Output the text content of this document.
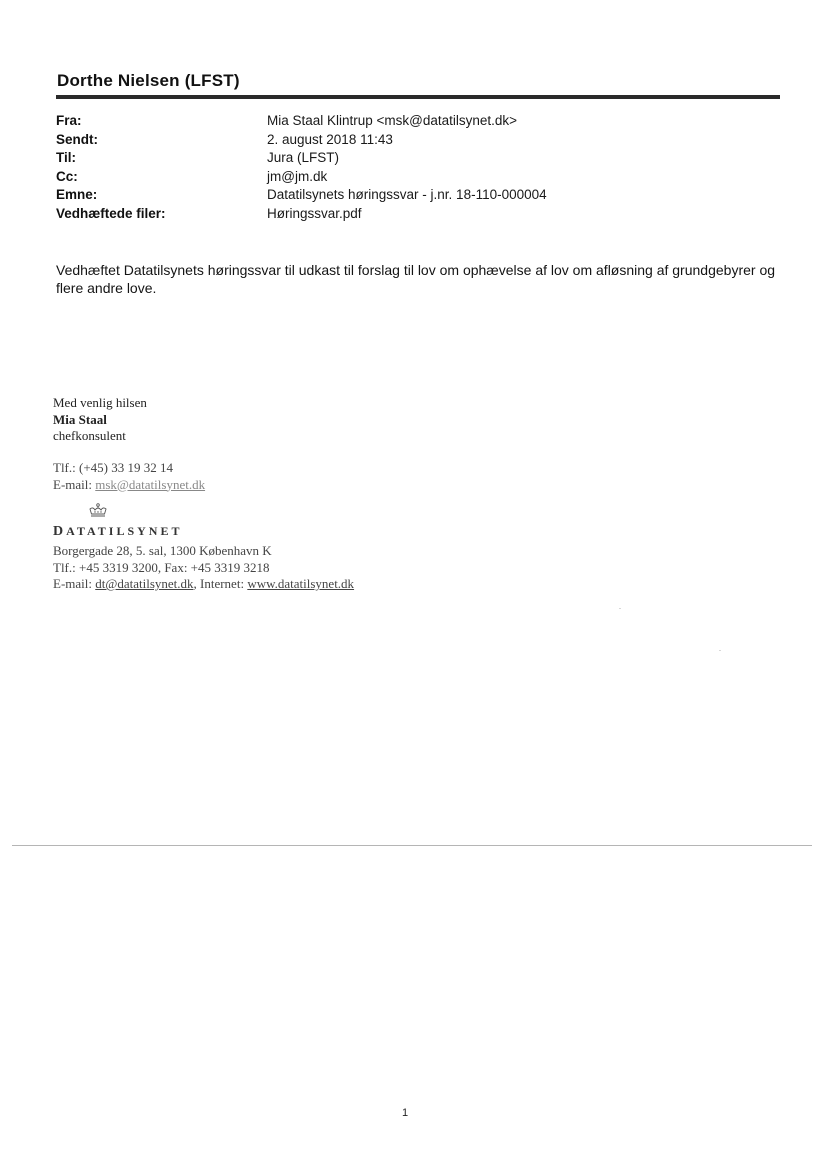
Dorthe Nielsen (LFST)
Fra:	Mia Staal Klintrup <msk@datatilsynet.dk>
Sendt:	2. august 2018 11:43
Til:	Jura (LFST)
Cc:	jm@jm.dk
Emne:	Datatilsynets høringssvar - j.nr. 18-110-000004
Vedhæftede filer:	Høringssvar.pdf
Vedhæftet Datatilsynets høringssvar til udkast til forslag til lov om ophævelse af lov om afløsning af grundgebyrer og
flere andre love.
Med venlig hilsen
Mia Staal
chefkonsulent
Tlf.: (+45) 33 19 32 14
E-mail: msk@datatilsynet.dk
DATATILSYNET
Borgergade 28, 5. sal, 1300 København K
Tlf.: +45 3319 3200, Fax: +45 3319 3218
E-mail: dt@datatilsynet.dk, Internet: www.datatilsynet.dk
1
